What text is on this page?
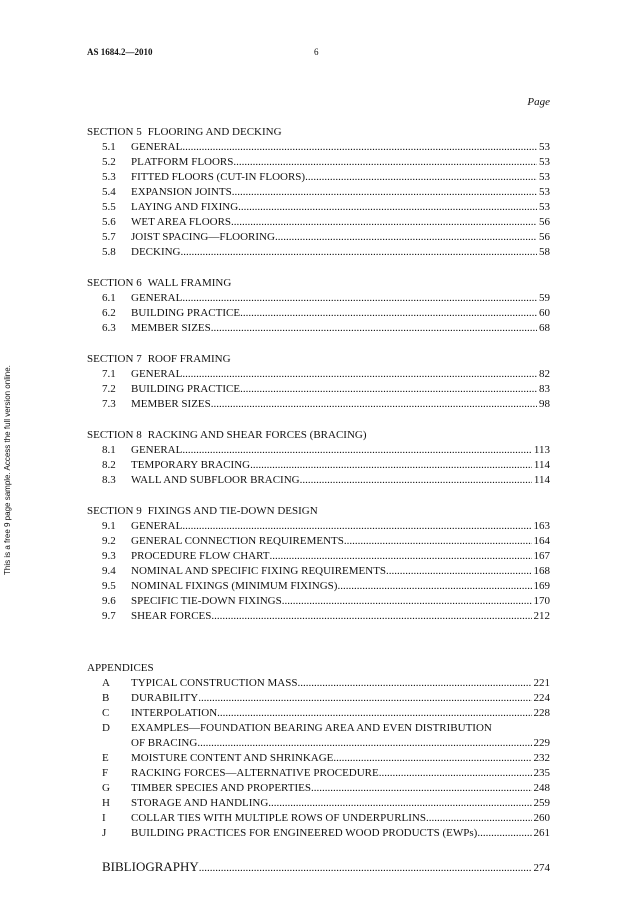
AS 1684.2—2010	6
This is a free 9 page sample. Access the full version online.
Page
SECTION 5 FLOORING AND DECKING
5.1	GENERAL .....	53
5.2	PLATFORM FLOORS .....	53
5.3	FITTED FLOORS (CUT-IN FLOORS) .....	53
5.4	EXPANSION JOINTS .....	53
5.5	LAYING AND FIXING .....	53
5.6	WET AREA FLOORS .....	56
5.7	JOIST SPACING—FLOORING .....	56
5.8	DECKING .....	58
SECTION 6 WALL FRAMING
6.1	GENERAL .....	59
6.2	BUILDING PRACTICE .....	60
6.3	MEMBER SIZES .....	68
SECTION 7 ROOF FRAMING
7.1	GENERAL .....	82
7.2	BUILDING PRACTICE .....	83
7.3	MEMBER SIZES .....	98
SECTION 8 RACKING AND SHEAR FORCES (BRACING)
8.1	GENERAL .....	113
8.2	TEMPORARY BRACING .....	114
8.3	WALL AND SUBFLOOR BRACING .....	114
SECTION 9 FIXINGS AND TIE-DOWN DESIGN
9.1	GENERAL .....	163
9.2	GENERAL CONNECTION REQUIREMENTS .....	164
9.3	PROCEDURE FLOW CHART .....	167
9.4	NOMINAL AND SPECIFIC FIXING REQUIREMENTS .....	168
9.5	NOMINAL FIXINGS (MINIMUM FIXINGS) .....	169
9.6	SPECIFIC TIE-DOWN FIXINGS .....	170
9.7	SHEAR FORCES .....	212
APPENDICES
A	TYPICAL CONSTRUCTION MASS .....	221
B	DURABILITY .....	224
C	INTERPOLATION .....	228
D EXAMPLES—FOUNDATION BEARING AREA AND EVEN DISTRIBUTION
OF BRACING .....	229
E	MOISTURE CONTENT AND SHRINKAGE .....	232
F	RACKING FORCES—ALTERNATIVE PROCEDURE .....	235
G	TIMBER SPECIES AND PROPERTIES .....	248
H	STORAGE AND HANDLING .....	259
I	COLLAR TIES WITH MULTIPLE ROWS OF UNDERPURLINS .....	260
J	BUILDING PRACTICES FOR ENGINEERED WOOD PRODUCTS (EWPs) .....	261
BIBLIOGRAPHY .....	274
